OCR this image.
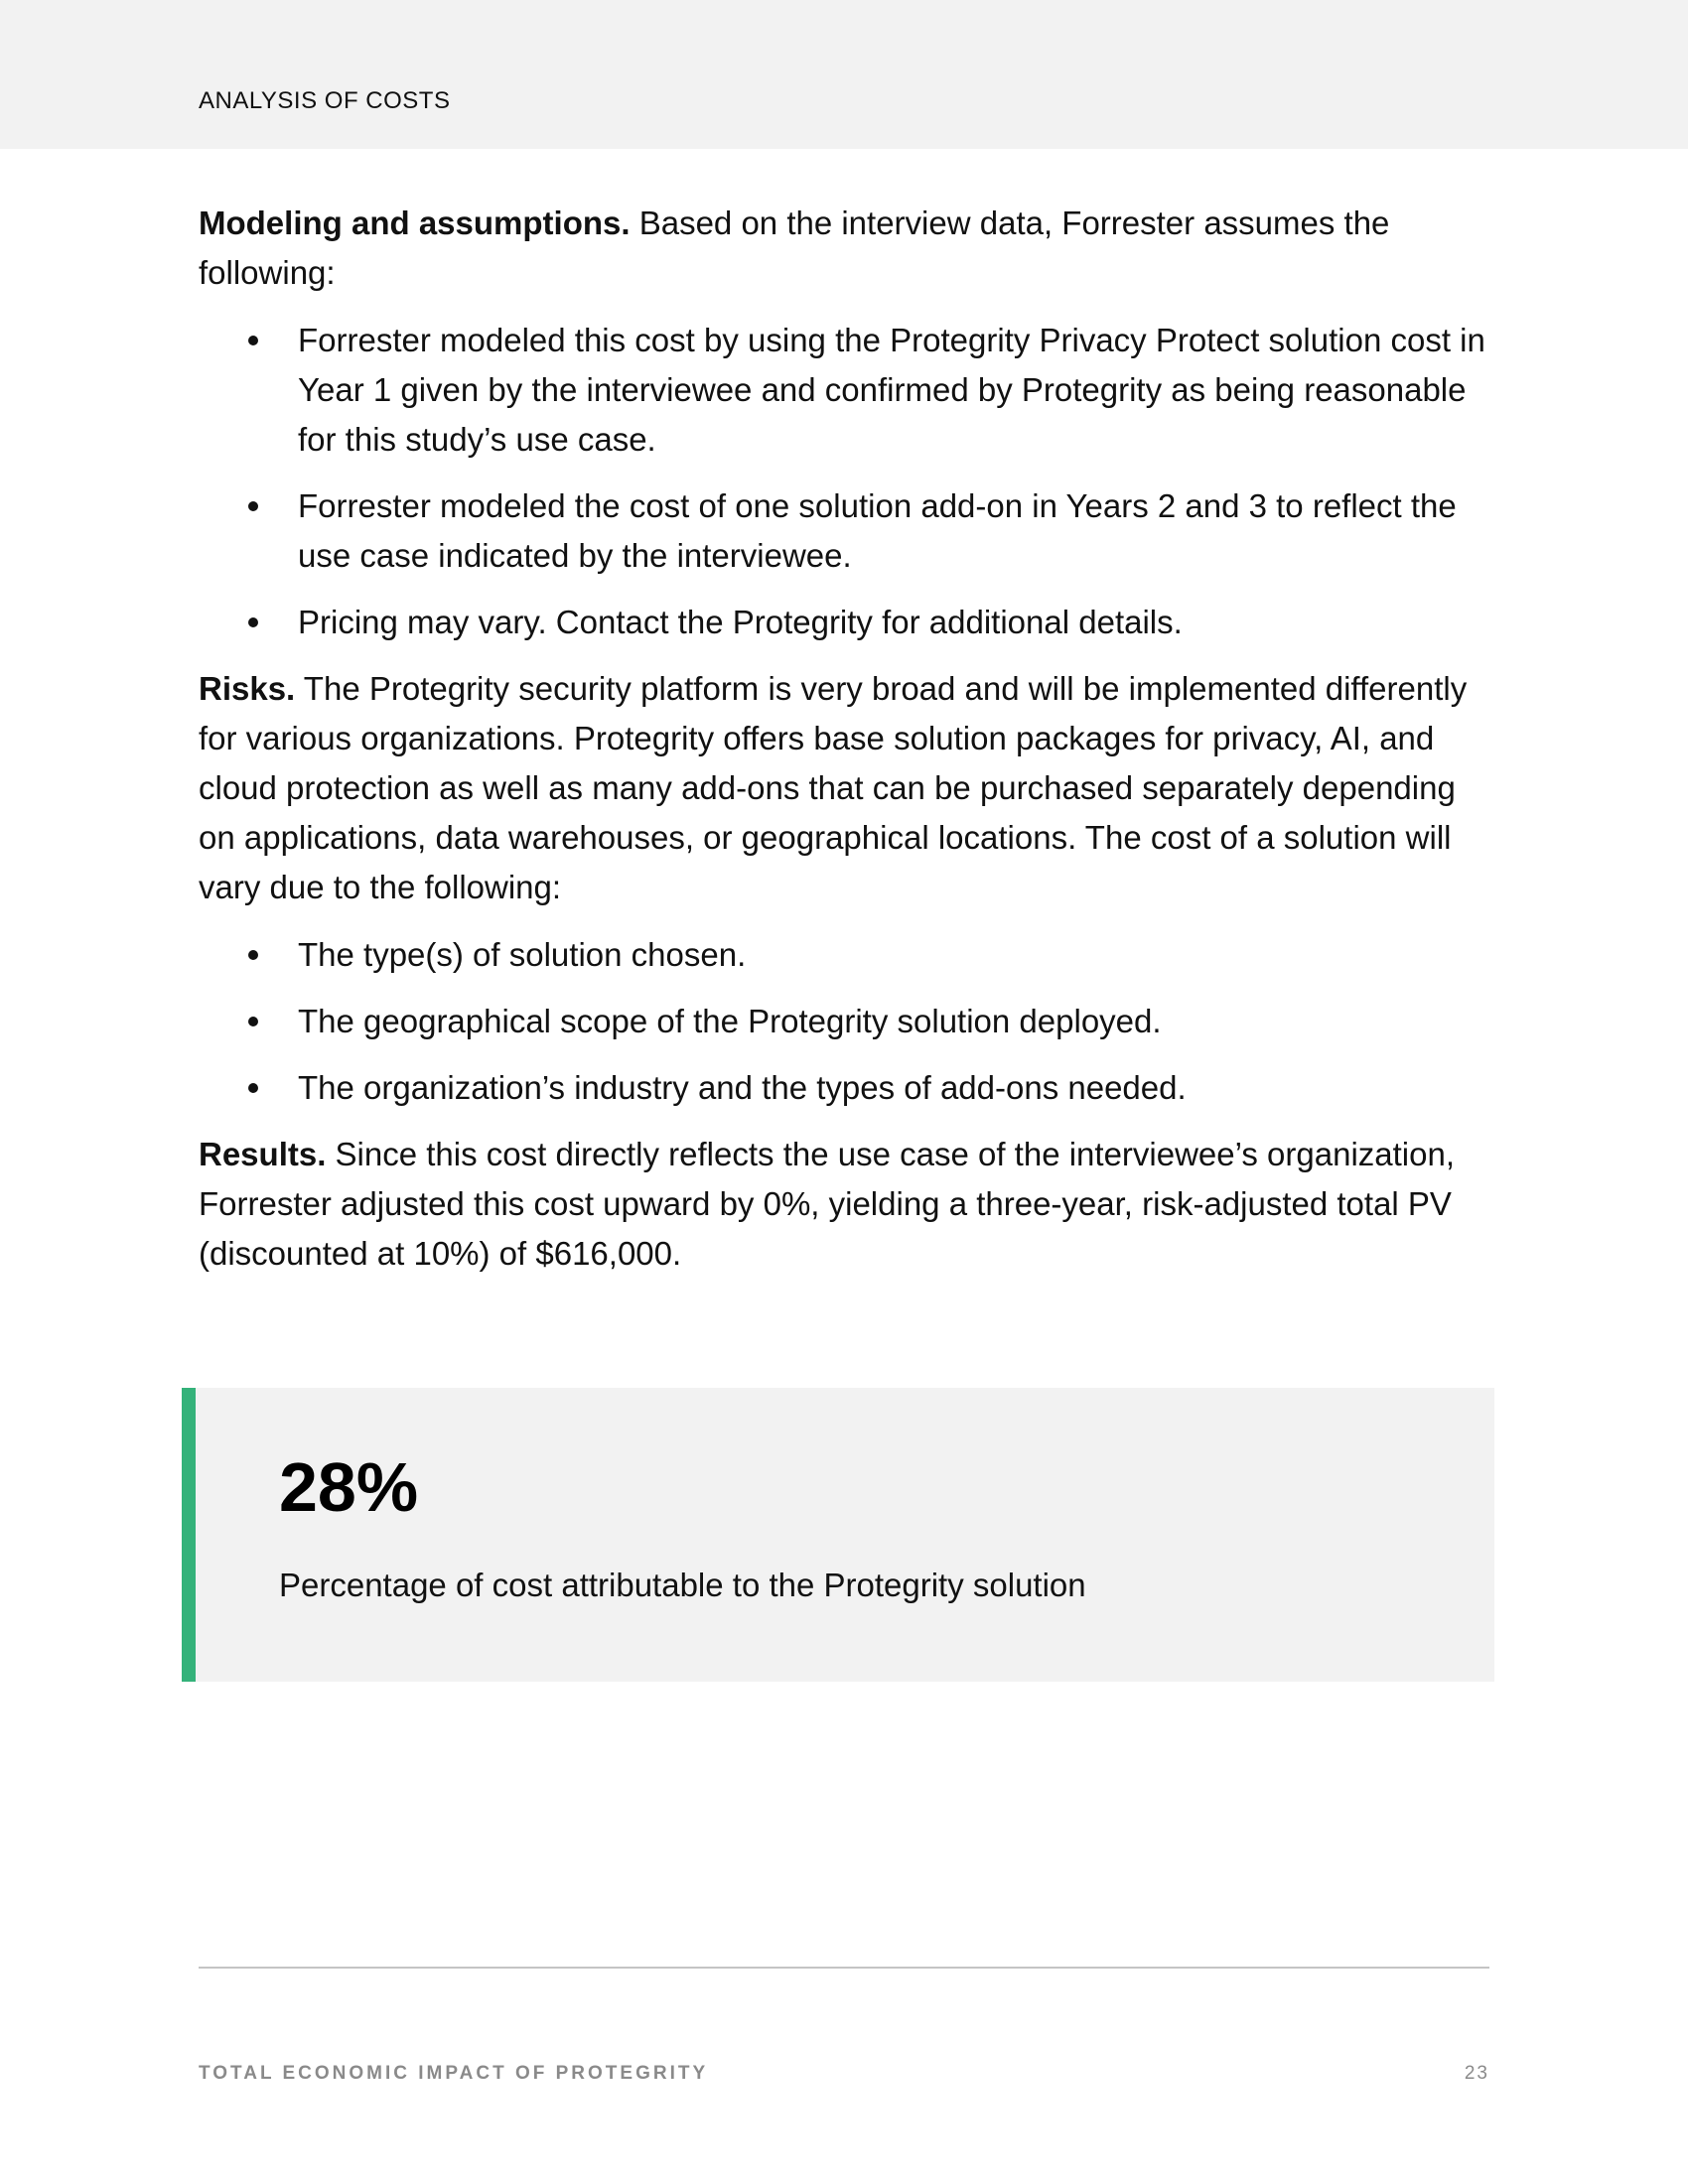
ANALYSIS OF COSTS

Modeling and assumptions. Based on the interview data, Forrester assumes the following:

Forrester modeled this cost by using the Protegrity Privacy Protect solution cost in Year 1 given by the interviewee and confirmed by Protegrity as being reasonable for this study’s use case.
Forrester modeled the cost of one solution add-on in Years 2 and 3 to reflect the use case indicated by the interviewee.
Pricing may vary. Contact the Protegrity for additional details.

Risks. The Protegrity security platform is very broad and will be implemented differently for various organizations. Protegrity offers base solution packages for privacy, AI, and cloud protection as well as many add-ons that can be purchased separately depending on applications, data warehouses, or geographical locations. The cost of a solution will vary due to the following:

The type(s) of solution chosen.
The geographical scope of the Protegrity solution deployed.
The organization’s industry and the types of add-ons needed.

Results. Since this cost directly reflects the use case of the interviewee’s organization, Forrester adjusted this cost upward by 0%, yielding a three-year, risk-adjusted total PV (discounted at 10%) of $616,000.

28%
Percentage of cost attributable to the Protegrity solution
TOTAL ECONOMIC IMPACT OF PROTEGRITY	23
